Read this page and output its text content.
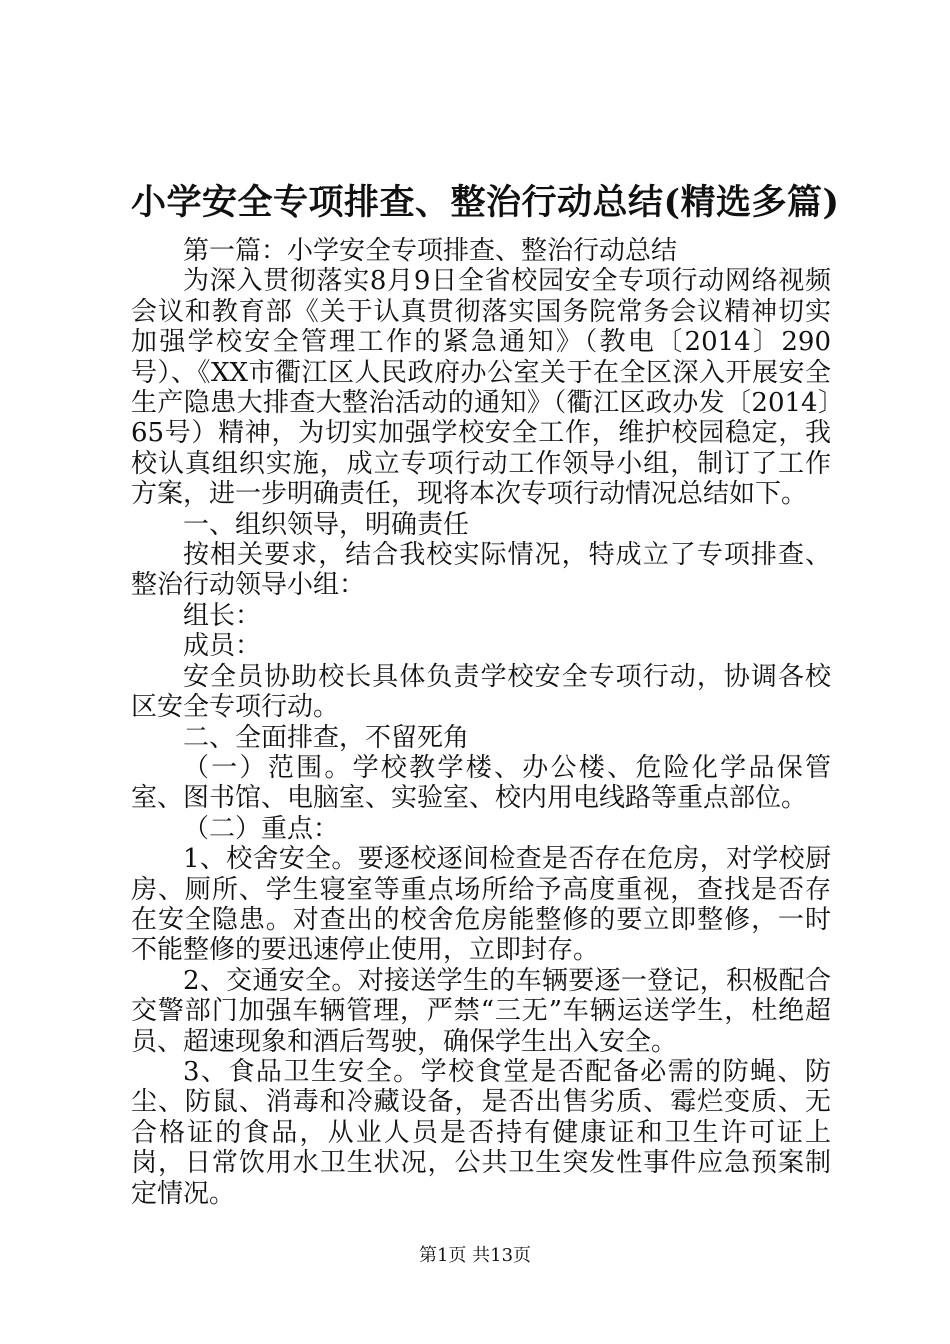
小学安全专项排查、整治行动总结(精选多篇)

第一篇：小学安全专项排查、整治行动总结

为深入贯彻落实8月9日全省校园安全专项行动网络视频会议和教育部《关于认真贯彻落实国务院常务会议精神切实加强学校安全管理工作的紧急通知》（教电〔2014〕290号）、《XX市衢江区人民政府办公室关于在全区深入开展安全生产隐患大排查大整治活动的通知》（衢江区政办发〔2014〕65号）精神，为切实加强学校安全工作，维护校园稳定，我校认真组织实施，成立专项行动工作领导小组，制订了工作方案，进一步明确责任，现将本次专项行动情况总结如下。

一、组织领导，明确责任

按相关要求，结合我校实际情况，特成立了专项排查、整治行动领导小组：

组长：

成员：

安全员协助校长具体负责学校安全专项行动，协调各校区安全专项行动。

二、全面排查，不留死角

（一）范围。学校教学楼、办公楼、危险化学品保管室、图书馆、电脑室、实验室、校内用电线路等重点部位。

（二）重点：

1、校舍安全。要逐校逐间检查是否存在危房，对学校厨房、厕所、学生寝室等重点场所给予高度重视，查找是否存在安全隐患。对查出的校舍危房能整修的要立即整修，一时不能整修的要迅速停止使用，立即封存。

2、交通安全。对接送学生的车辆要逐一登记，积极配合交警部门加强车辆管理，严禁“三无”车辆运送学生，杜绝超员、超速现象和酒后驾驶，确保学生出入安全。

3、食品卫生安全。学校食堂是否配备必需的防蝇、防尘、防鼠、消毒和冷藏设备，是否出售劣质、霉烂变质、无合格证的食品，从业人员是否持有健康证和卫生许可证上岗，日常饮用水卫生状况，公共卫生突发性事件应急预案制定情况。

第1页 共13页
